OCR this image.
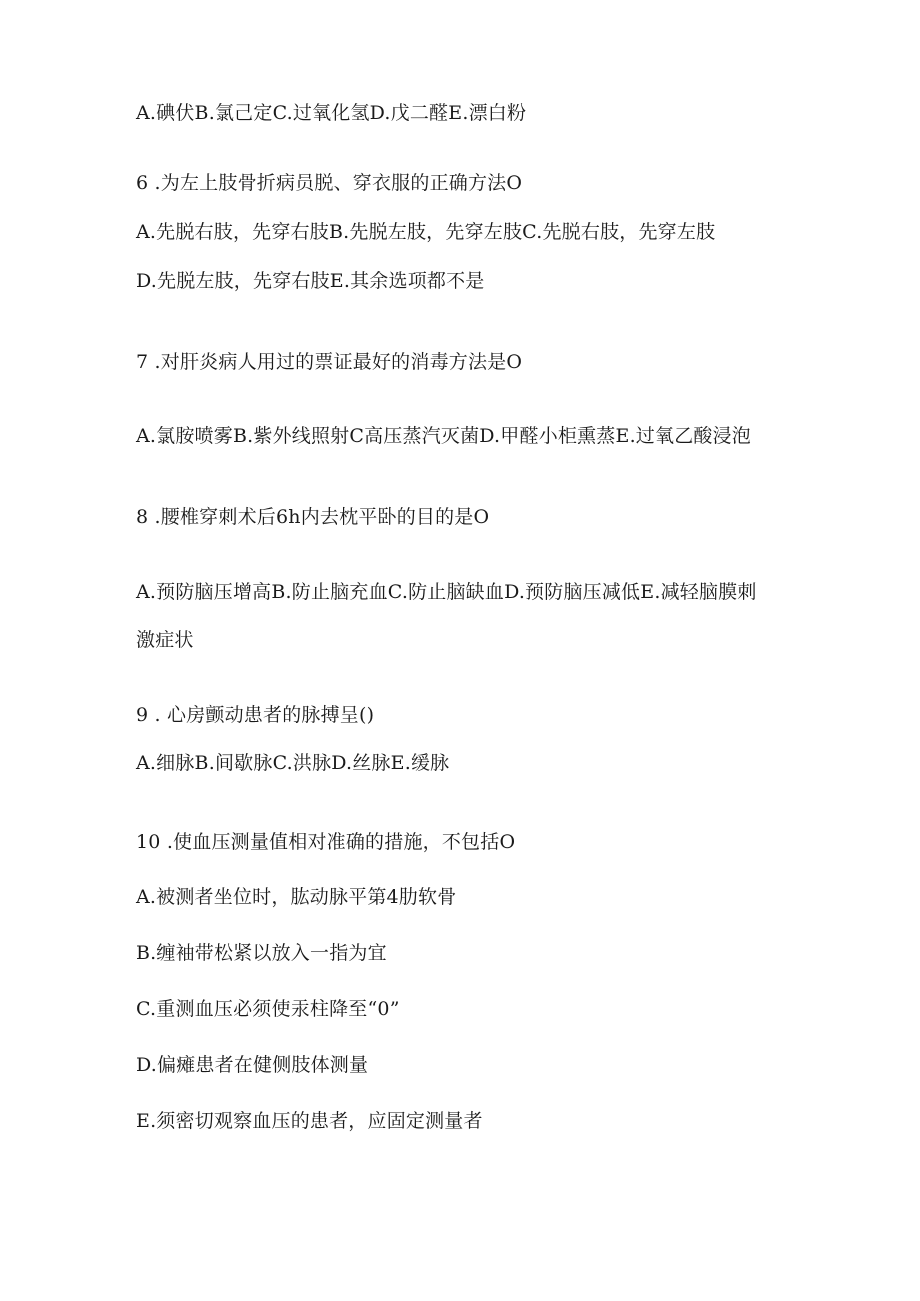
A.碘伏B.氯己定C.过氧化氢D.戊二醛E.漂白粉
6 .为左上肢骨折病员脱、穿衣服的正确方法O
A.先脱右肢，先穿右肢B.先脱左肢，先穿左肢C.先脱右肢，先穿左肢
D.先脱左肢，先穿右肢E.其余选项都不是
7 .对肝炎病人用过的票证最好的消毒方法是O
A.氯胺喷雾B.紫外线照射C高压蒸汽灭菌D.甲醛小柜熏蒸E.过氧乙酸浸泡
8 .腰椎穿刺术后6h内去枕平卧的目的是O
A.预防脑压增高B.防止脑充血C.防止脑缺血D.预防脑压减低E.减轻脑膜刺
激症状
9 . 心房颤动患者的脉搏呈()
A.细脉B.间歇脉C.洪脉D.丝脉E.缓脉
10 .使血压测量值相对准确的措施，不包括O
A.被测者坐位时，肱动脉平第4肋软骨
B.缠袖带松紧以放入一指为宜
C.重测血压必须使汞柱降至“0”
D.偏瘫患者在健侧肢体测量
E.须密切观察血压的患者，应固定测量者
